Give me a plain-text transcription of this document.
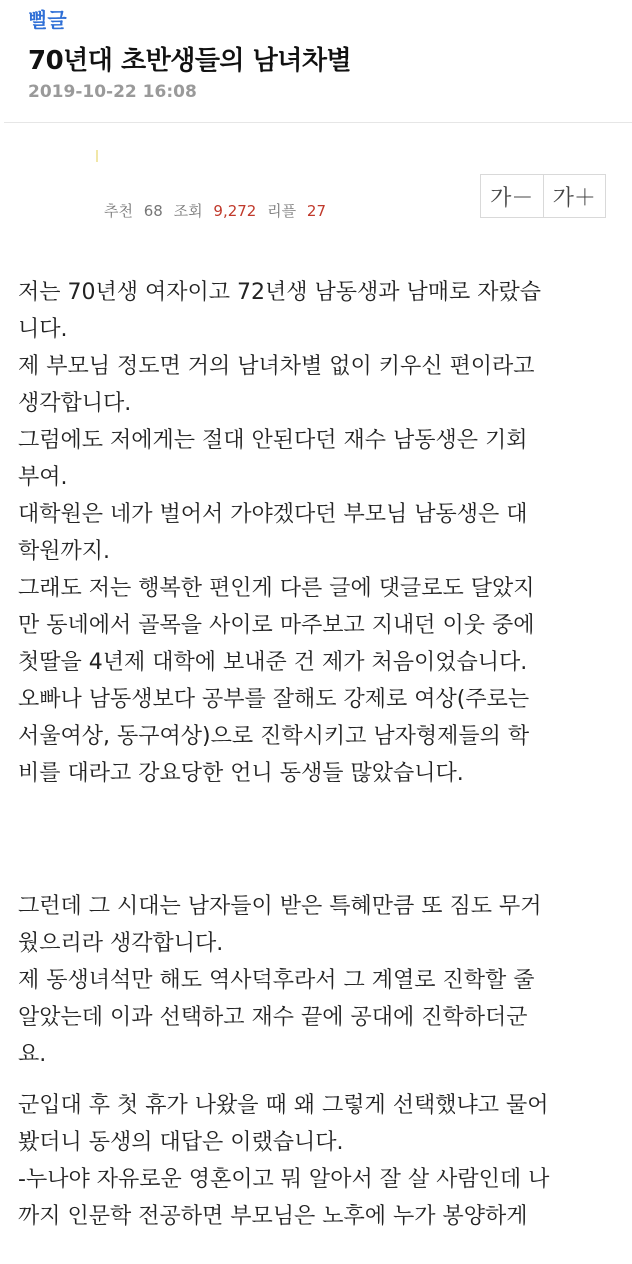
뻘글
70년대 초반생들의 남녀차별
2019-10-22 16:08
추천 68 조회 9,272 리플 27
가－ 가＋

저는 70년생 여자이고 72년생 남동생과 남매로 자랐습
니다.
제 부모님 정도면 거의 남녀차별 없이 키우신 편이라고
생각합니다.
그럼에도 저에게는 절대 안된다던 재수 남동생은 기회
부여.
대학원은 네가 벌어서 가야겠다던 부모님 남동생은 대
학원까지.
그래도 저는 행복한 편인게 다른 글에 댓글로도 달았지
만 동네에서 골목을 사이로 마주보고 지내던 이웃 중에
첫딸을 4년제 대학에 보내준 건 제가 처음이었습니다.
오빠나 남동생보다 공부를 잘해도 강제로 여상(주로는
서울여상, 동구여상)으로 진학시키고 남자형제들의 학
비를 대라고 강요당한 언니 동생들 많았습니다.

그런데 그 시대는 남자들이 받은 특혜만큼 또 짐도 무거
웠으리라 생각합니다.
제 동생녀석만 해도 역사덕후라서 그 계열로 진학할 줄
알았는데 이과 선택하고 재수 끝에 공대에 진학하더군
요.

군입대 후 첫 휴가 나왔을 때 왜 그렇게 선택했냐고 물어
봤더니 동생의 대답은 이랬습니다.
-누나야 자유로운 영혼이고 뭐 알아서 잘 살 사람인데 나
까지 인문학 전공하면 부모님은 노후에 누가 봉양하게
